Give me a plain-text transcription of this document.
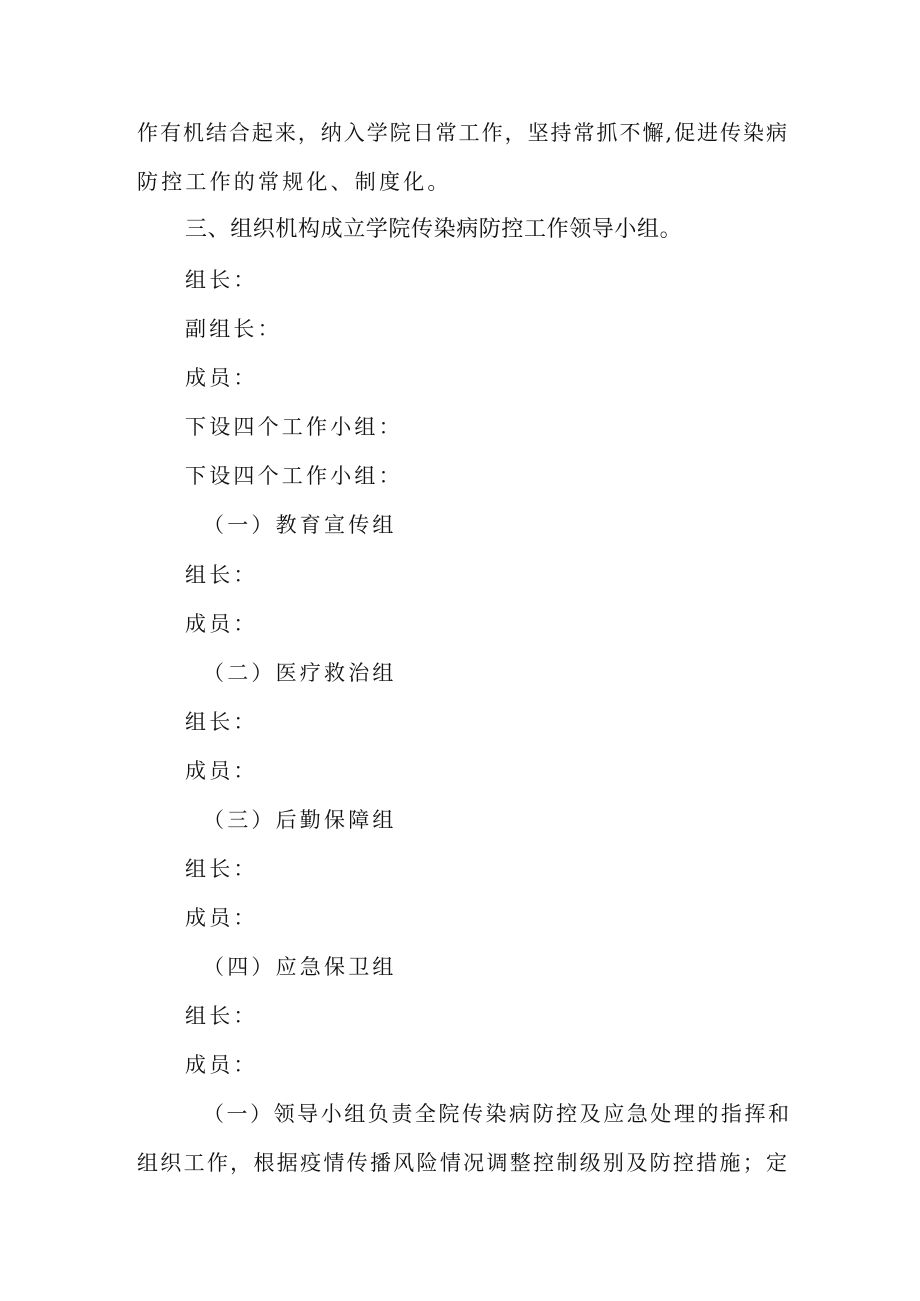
作有机结合起来，纳入学院日常工作，坚持常抓不懈,促进传染病
防控工作的常规化、制度化。
三、组织机构成立学院传染病防控工作领导小组。
组长：
副组长：
成员：
下设四个工作小组：
下设四个工作小组：
（一）教育宣传组
组长：
成员：
（二）医疗救治组
组长：
成员：
（三）后勤保障组
组长：
成员：
（四）应急保卫组
组长：
成员：
（一）领导小组负责全院传染病防控及应急处理的指挥和
组织工作，根据疫情传播风险情况调整控制级别及防控措施；定
